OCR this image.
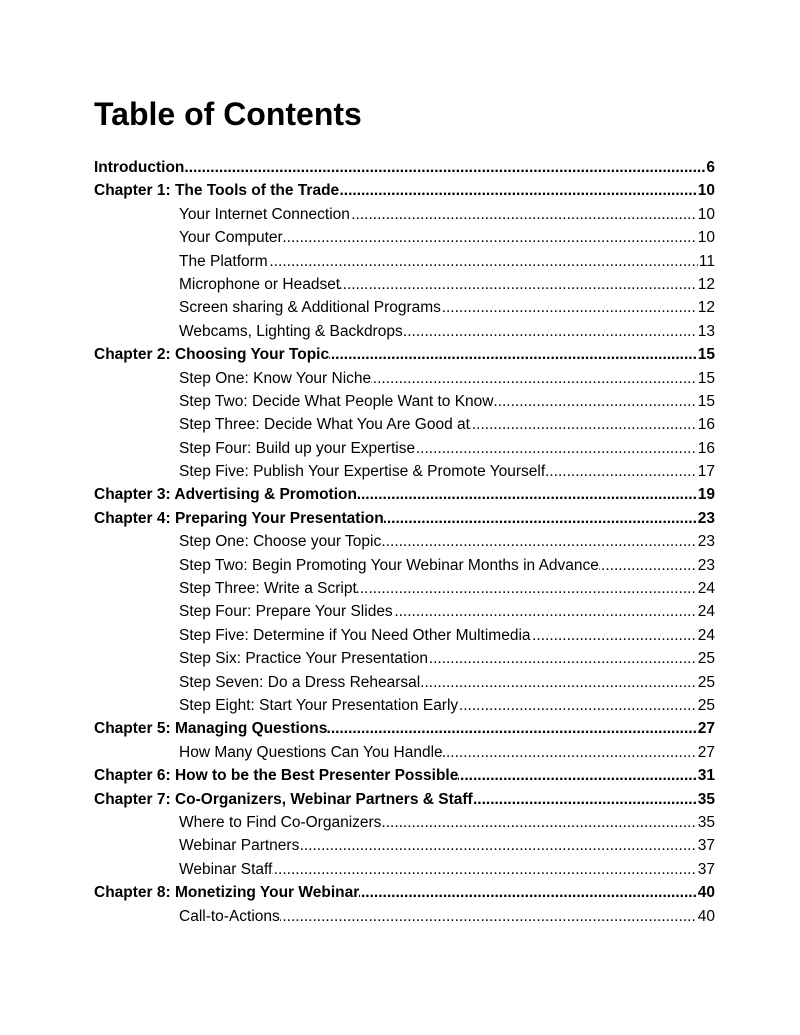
Table of Contents
.....
Introduction	6
.....
Chapter 1: The Tools of the Trade	10
.....
Your Internet Connection	10
.....
Your Computer	10
.....
The Platform	11
.....
Microphone or Headset	12
.....
Screen sharing & Additional Programs	12
.....
Webcams, Lighting & Backdrops	13
.....
Chapter 2: Choosing Your Topic	15
.....
Step One: Know Your Niche	15
.....
Step Two: Decide What People Want to Know	15
.....
Step Three: Decide What You Are Good at	16
.....
Step Four: Build up your Expertise	16
.....
Step Five: Publish Your Expertise & Promote Yourself	17
.....
Chapter 3: Advertising & Promotion	19
.....
Chapter 4: Preparing Your Presentation	23
.....
Step One: Choose your Topic	23
.....
Step Two: Begin Promoting Your Webinar Months in Advance	23
.....
Step Three: Write a Script	24
.....
Step Four: Prepare Your Slides	24
.....
Step Five: Determine if You Need Other Multimedia	24
.....
Step Six: Practice Your Presentation	25
.....
Step Seven: Do a Dress Rehearsal	25
.....
Step Eight: Start Your Presentation Early	25
.....
Chapter 5: Managing Questions	27
.....
How Many Questions Can You Handle	27
.....
Chapter 6: How to be the Best Presenter Possible	31
.....
Chapter 7: Co-Organizers, Webinar Partners & Staff	35
.....
Where to Find Co-Organizers	35
.....
Webinar Partners	37
.....
Webinar Staff	37
.....
Chapter 8: Monetizing Your Webinar	40
.....
Call-to-Actions	40
